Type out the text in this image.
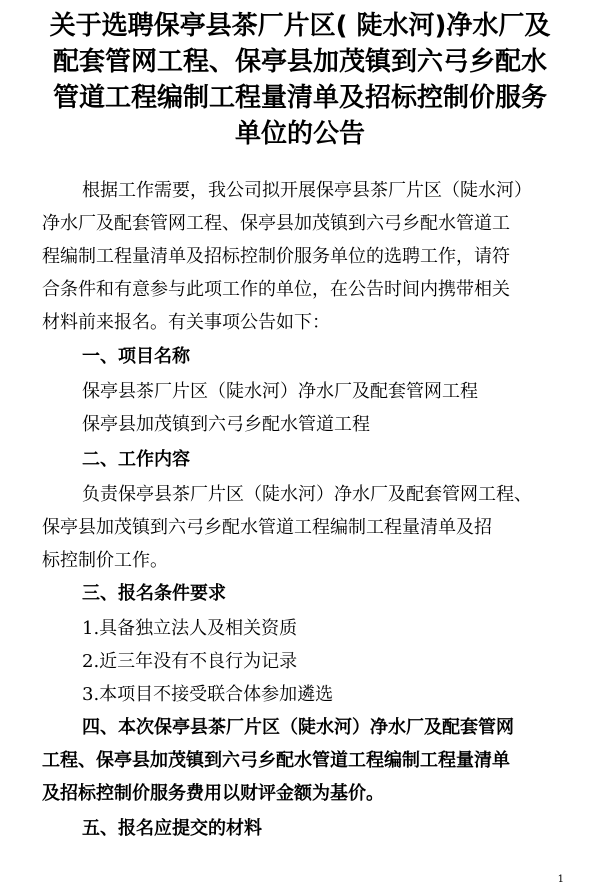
关于选聘保亭县茶厂片区( 陡水河)净水厂及
配套管网工程、保亭县加茂镇到六弓乡配水
管道工程编制工程量清单及招标控制价服务
单位的公告
根据工作需要，我公司拟开展保亭县茶厂片区（陡水河）
净水厂及配套管网工程、保亭县加茂镇到六弓乡配水管道工
程编制工程量清单及招标控制价服务单位的选聘工作，请符
合条件和有意参与此项工作的单位，在公告时间内携带相关
材料前来报名。有关事项公告如下：
一、项目名称
保亭县茶厂片区（陡水河）净水厂及配套管网工程
保亭县加茂镇到六弓乡配水管道工程
二、工作内容
负责保亭县茶厂片区（陡水河）净水厂及配套管网工程、
保亭县加茂镇到六弓乡配水管道工程编制工程量清单及招
标控制价工作。
三、报名条件要求
1.具备独立法人及相关资质
2.近三年没有不良行为记录
3.本项目不接受联合体参加遴选
四、本次保亭县茶厂片区（陡水河）净水厂及配套管网
工程、保亭县加茂镇到六弓乡配水管道工程编制工程量清单
及招标控制价服务费用以财评金额为基价。
五、报名应提交的材料
1
